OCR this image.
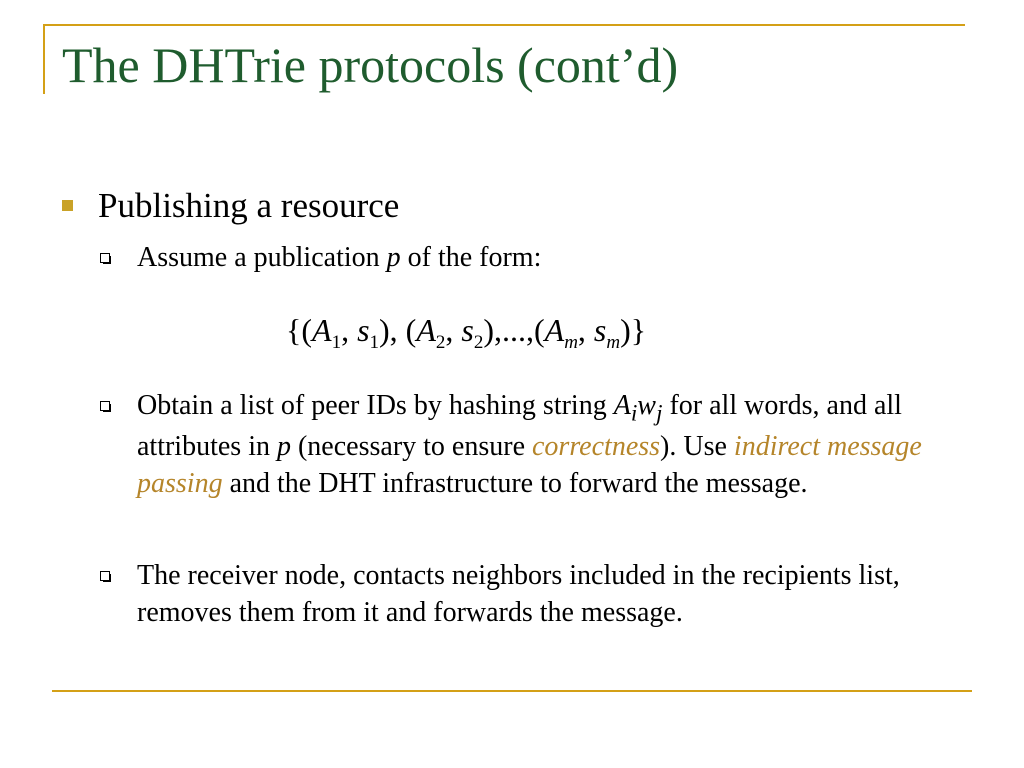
The DHTrie protocols (cont’d)
Publishing a resource
Assume a publication p of the form:
{($A_1$, $s_1$), ($A_2$, $s_2),...,(A_m$, $s_m$)}
Obtain a list of peer IDs by hashing string $A_iw_j$ for all words, and all attributes in p (necessary to ensure correctness). Use indirect message passing and the DHT infrastructure to forward the message.
The receiver node, contacts neighbors included in the recipients list, removes them from it and forwards the message.
